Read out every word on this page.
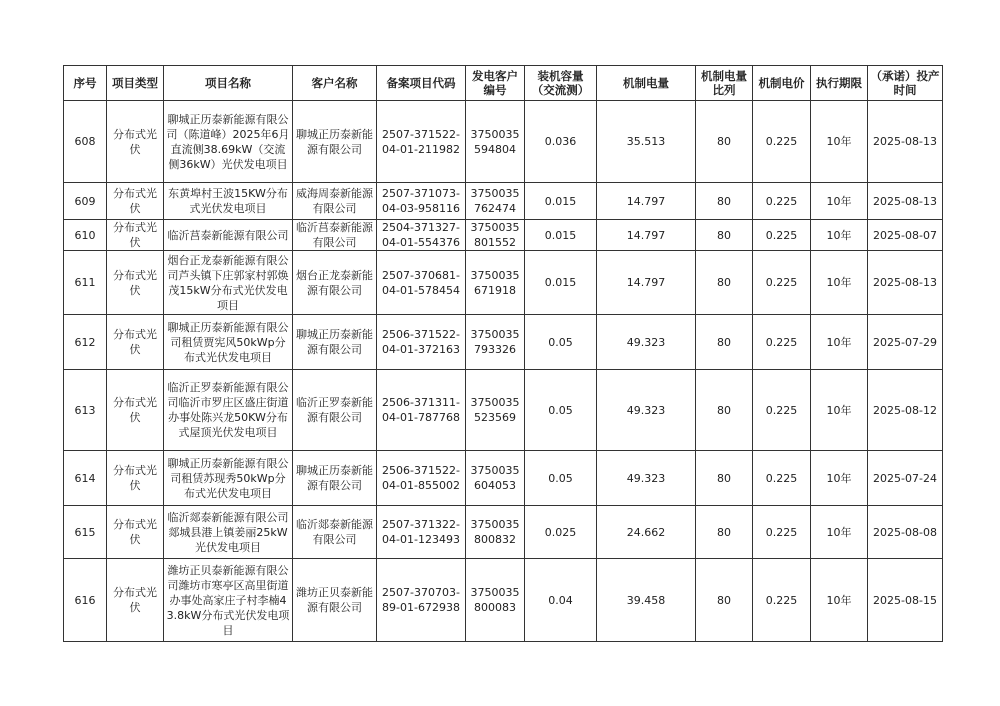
序号	项目类型	项目名称	客户名称	备案项目代码	发电客户编号	装机容量（交流测）	机制电量	机制电量比列	机制电价	执行期限	（承诺）投产时间
608	分布式光伏	聊城正历泰新能源有限公司（陈道峰）2025年6月直流侧38.69kW（交流侧36kW）光伏发电项目	聊城正历泰新能源有限公司	2507-371522-04-01-211982	3750035594804	0.036	35.513	80	0.225	10年	2025-08-13
609	分布式光伏	东黄埠村王波15KW分布式光伏发电项目	威海周泰新能源有限公司	2507-371073-04-03-958116	3750035762474	0.015	14.797	80	0.225	10年	2025-08-13
610	分布式光伏	临沂莒泰新能源有限公司	临沂莒泰新能源有限公司	2504-371327-04-01-554376	3750035801552	0.015	14.797	80	0.225	10年	2025-08-07
611	分布式光伏	烟台正龙泰新能源有限公司芦头镇下庄郭家村郭焕茂15kW分布式光伏发电项目	烟台正龙泰新能源有限公司	2507-370681-04-01-578454	3750035671918	0.015	14.797	80	0.225	10年	2025-08-13
612	分布式光伏	聊城正历泰新能源有限公司租赁贾宪风50kWp分布式光伏发电项目	聊城正历泰新能源有限公司	2506-371522-04-01-372163	3750035793326	0.05	49.323	80	0.225	10年	2025-07-29
613	分布式光伏	临沂正罗泰新能源有限公司临沂市罗庄区盛庄街道办事处陈兴龙50KW分布式屋顶光伏发电项目	临沂正罗泰新能源有限公司	2506-371311-04-01-787768	3750035523569	0.05	49.323	80	0.225	10年	2025-08-12
614	分布式光伏	聊城正历泰新能源有限公司租赁苏现秀50kWp分布式光伏发电项目	聊城正历泰新能源有限公司	2506-371522-04-01-855002	3750035604053	0.05	49.323	80	0.225	10年	2025-07-24
615	分布式光伏	临沂郯泰新能源有限公司郯城县港上镇姜丽25kW光伏发电项目	临沂郯泰新能源有限公司	2507-371322-04-01-123493	3750035800832	0.025	24.662	80	0.225	10年	2025-08-08
616	分布式光伏	潍坊正贝泰新能源有限公司潍坊市寒亭区高里街道办事处高家庄子村李楠43.8kW分布式光伏发电项目	潍坊正贝泰新能源有限公司	2507-370703-89-01-672938	3750035800083	0.04	39.458	80	0.225	10年	2025-08-15
